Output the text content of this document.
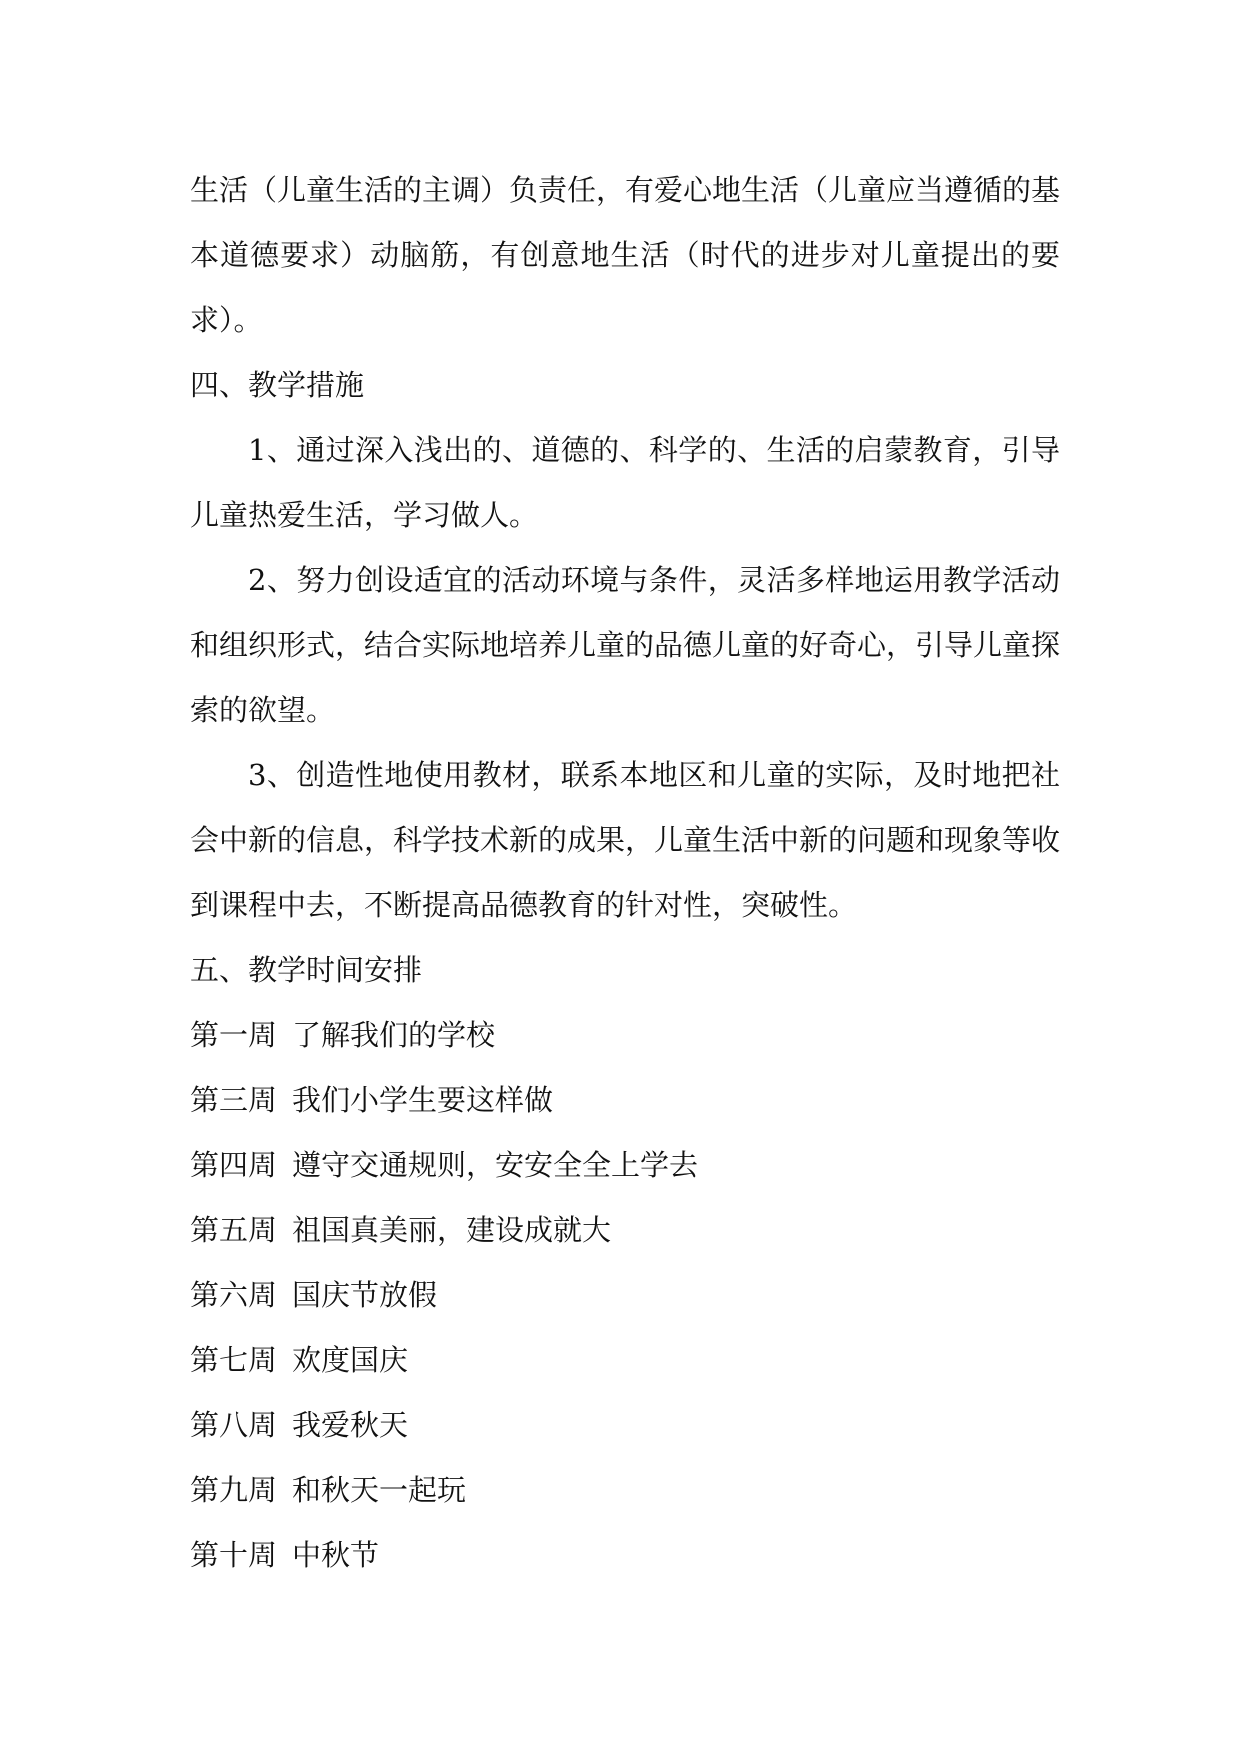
生活（儿童生活的主调）负责任，有爱心地生活（儿童应当遵循的基
本道德要求）动脑筋，有创意地生活（时代的进步对儿童提出的要
求）。
四、教学措施
1、通过深入浅出的、道德的、科学的、生活的启蒙教育，引导
儿童热爱生活，学习做人。
2、努力创设适宜的活动环境与条件，灵活多样地运用教学活动
和组织形式，结合实际地培养儿童的品德儿童的好奇心，引导儿童探
索的欲望。
3、创造性地使用教材，联系本地区和儿童的实际，及时地把社
会中新的信息，科学技术新的成果，儿童生活中新的问题和现象等收
到课程中去，不断提高品德教育的针对性，突破性。
五、教学时间安排
第一周 了解我们的学校
第三周 我们小学生要这样做
第四周 遵守交通规则，安安全全上学去
第五周 祖国真美丽，建设成就大
第六周 国庆节放假
第七周 欢度国庆
第八周 我爱秋天
第九周 和秋天一起玩
第十周 中秋节
